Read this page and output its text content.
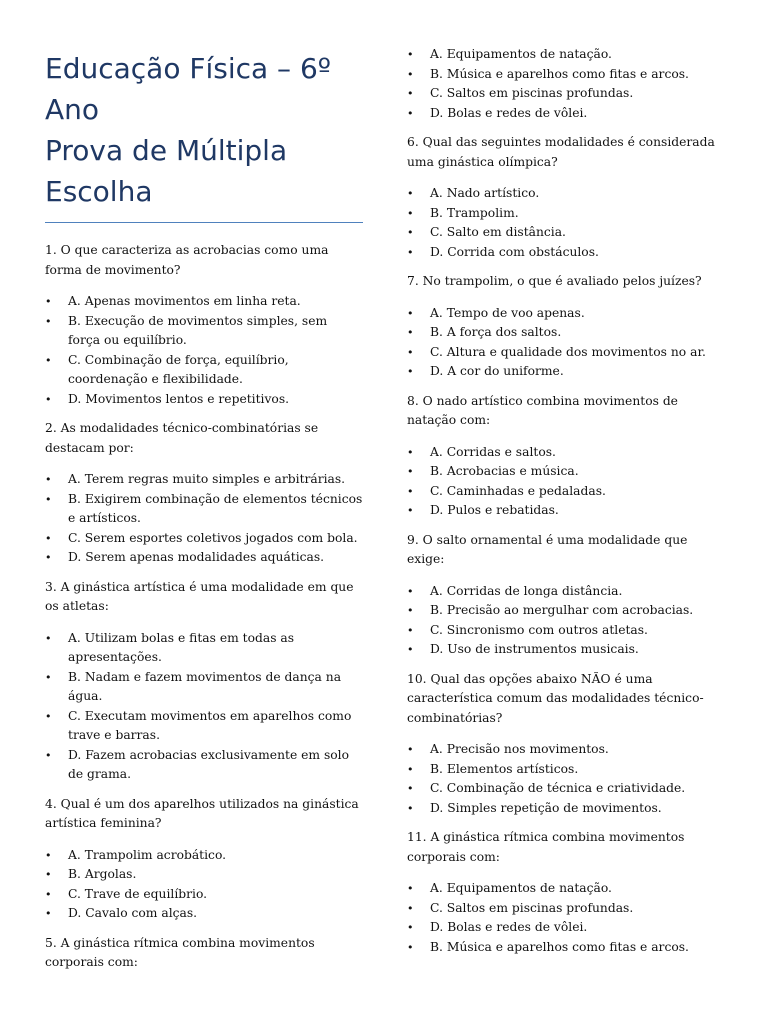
Educação Física – 6º
Ano
Prova de Múltipla
Escolha

1. O que caracteriza as acrobacias como uma forma de movimento?

• A. Apenas movimentos em linha reta.
• B. Execução de movimentos simples, sem força ou equilíbrio.
• C. Combinação de força, equilíbrio, coordenação e flexibilidade.
• D. Movimentos lentos e repetitivos.

2. As modalidades técnico-combinatórias se destacam por:

• A. Terem regras muito simples e arbitrárias.
• B. Exigirem combinação de elementos técnicos e artísticos.
• C. Serem esportes coletivos jogados com bola.
• D. Serem apenas modalidades aquáticas.

3. A ginástica artística é uma modalidade em que os atletas:

• A. Utilizam bolas e fitas em todas as apresentações.
• B. Nadam e fazem movimentos de dança na água.
• C. Executam movimentos em aparelhos como trave e barras.
• D. Fazem acrobacias exclusivamente em solo de grama.

4. Qual é um dos aparelhos utilizados na ginástica artística feminina?

• A. Trampolim acrobático.
• B. Argolas.
• C. Trave de equilíbrio.
• D. Cavalo com alças.

5. A ginástica rítmica combina movimentos corporais com:

• A. Equipamentos de natação.
• B. Música e aparelhos como fitas e arcos.
• C. Saltos em piscinas profundas.
• D. Bolas e redes de vôlei.

6. Qual das seguintes modalidades é considerada uma ginástica olímpica?

• A. Nado artístico.
• B. Trampolim.
• C. Salto em distância.
• D. Corrida com obstáculos.

7. No trampolim, o que é avaliado pelos juízes?

• A. Tempo de voo apenas.
• B. A força dos saltos.
• C. Altura e qualidade dos movimentos no ar.
• D. A cor do uniforme.

8. O nado artístico combina movimentos de natação com:

• A. Corridas e saltos.
• B. Acrobacias e música.
• C. Caminhadas e pedaladas.
• D. Pulos e rebatidas.

9. O salto ornamental é uma modalidade que exige:

• A. Corridas de longa distância.
• B. Precisão ao mergulhar com acrobacias.
• C. Sincronismo com outros atletas.
• D. Uso de instrumentos musicais.

10. Qual das opções abaixo NÃO é uma característica comum das modalidades técnico-combinatórias?

• A. Precisão nos movimentos.
• B. Elementos artísticos.
• C. Combinação de técnica e criatividade.
• D. Simples repetição de movimentos.

11. A ginástica rítmica combina movimentos corporais com:

• A. Equipamentos de natação.
• C. Saltos em piscinas profundas.
• D. Bolas e redes de vôlei.
• B. Música e aparelhos como fitas e arcos.
